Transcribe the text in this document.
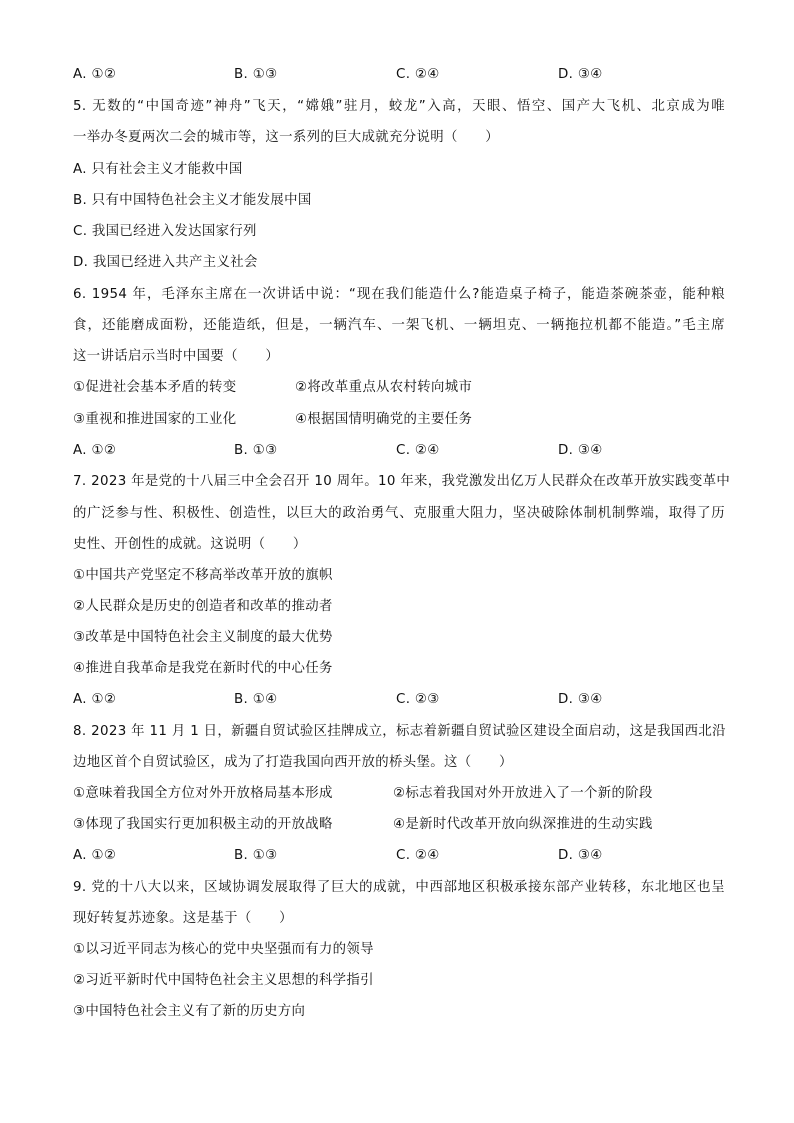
A. ①②	B. ①③	C. ②④	D. ③④
5. 无数的“中国奇迹”神舟”飞天，“嫦娥”驻月，蛟龙”入高，天眼、悟空、国产大飞机、北京成为唯
一举办冬夏两次二会的城市等，这一系列的巨大成就充分说明（　　）
A. 只有社会主义才能救中国
B. 只有中国特色社会主义才能发展中国
C. 我国已经进入发达国家行列
D. 我国已经进入共产主义社会
6. 1954 年，毛泽东主席在一次讲话中说：“现在我们能造什么?能造桌子椅子，能造茶碗茶壶，能种粮
食，还能磨成面粉，还能造纸，但是，一辆汽车、一架飞机、一辆坦克、一辆拖拉机都不能造。”毛主席
这一讲话启示当时中国要（　　）
①促进社会基本矛盾的转变	②将改革重点从农村转向城市
③重视和推进国家的工业化	④根据国情明确党的主要任务
A. ①②	B. ①③	C. ②④	D. ③④
7. 2023 年是党的十八届三中全会召开 10 周年。10 年来，我党激发出亿万人民群众在改革开放实践变革中
的广泛参与性、积极性、创造性，以巨大的政治勇气、克服重大阻力，坚决破除体制机制弊端，取得了历
史性、开创性的成就。这说明（　　）
①中国共产党坚定不移高举改革开放的旗帜
②人民群众是历史的创造者和改革的推动者
③改革是中国特色社会主义制度的最大优势
④推进自我革命是我党在新时代的中心任务
A. ①②	B. ①④	C. ②③	D. ③④
8. 2023 年 11 月 1 日，新疆自贸试验区挂牌成立，标志着新疆自贸试验区建设全面启动，这是我国西北沿
边地区首个自贸试验区，成为了打造我国向西开放的桥头堡。这（　　）
①意味着我国全方位对外开放格局基本形成	②标志着我国对外开放进入了一个新的阶段
③体现了我国实行更加积极主动的开放战略	④是新时代改革开放向纵深推进的生动实践
A. ①②	B. ①③	C. ②④	D. ③④
9. 党的十八大以来，区域协调发展取得了巨大的成就，中西部地区积极承接东部产业转移，东北地区也呈
现好转复苏迹象。这是基于（　　）
①以习近平同志为核心的党中央坚强而有力的领导
②习近平新时代中国特色社会主义思想的科学指引
③中国特色社会主义有了新的历史方向
